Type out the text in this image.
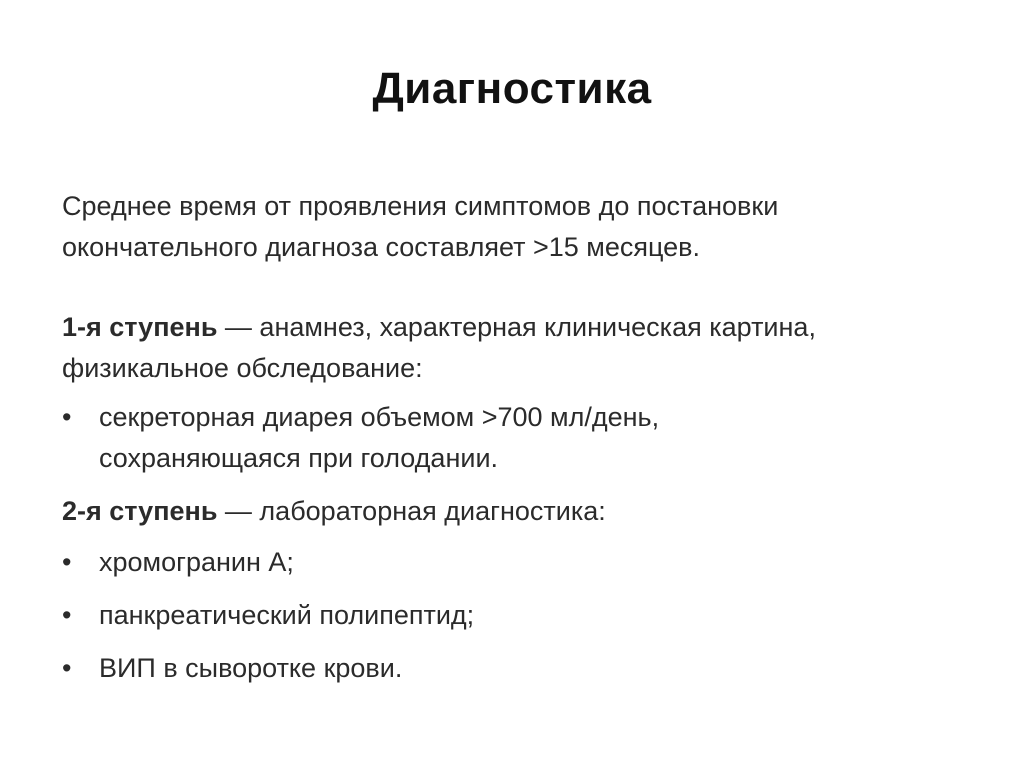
Диагностика

Среднее время от проявления симптомов до постановки
окончательного диагноза составляет >15 месяцев.

1-я ступень — анамнез, характерная клиническая картина,
физикальное обследование:

• секреторная диарея объемом >700 мл/день,
сохраняющаяся при голодании.

2-я ступень — лабораторная диагностика:

• хромогранин А;
• панкреатический полипептид;
• ВИП в сыворотке крови.
